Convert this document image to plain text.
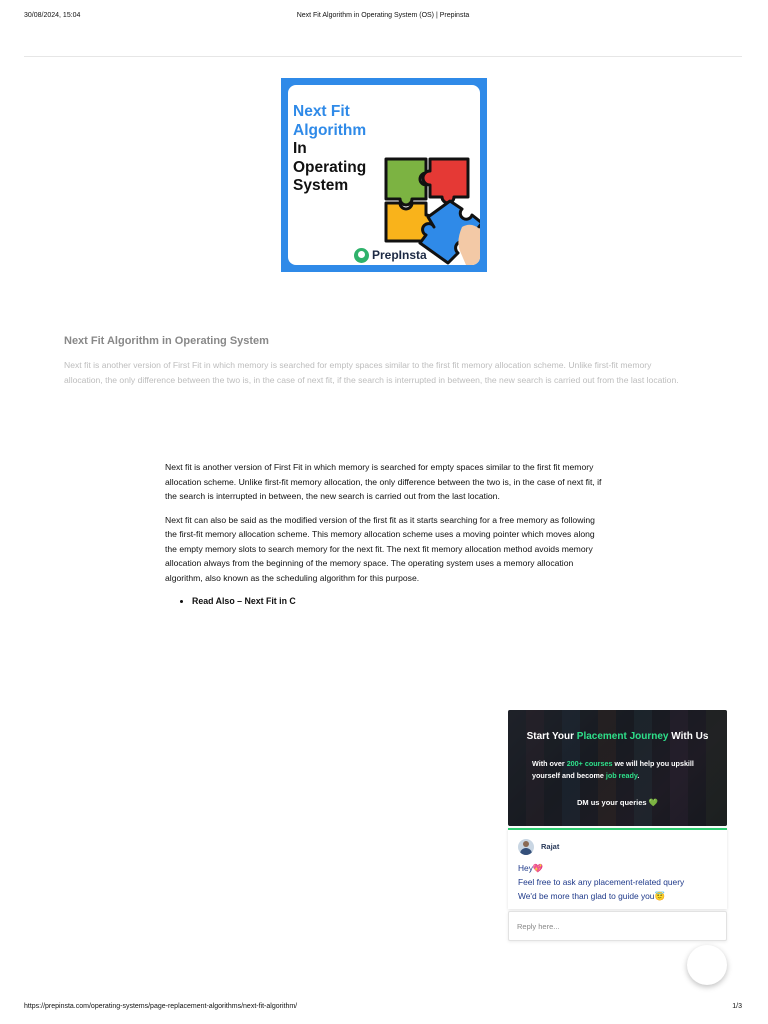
30/08/2024, 15:04	Next Fit Algorithm in Operating System (OS) | Prepinsta
Next Fit
Algorithm
In
Operating
System
PrepInsta
Next Fit Algorithm in Operating System

Next fit is another version of First Fit in which memory is searched for empty spaces similar to the first fit memory allocation scheme. Unlike first-fit memory allocation, the only difference between the two is, in the case of next fit, if the search is interrupted in between, the new search is carried out from the last location.

Next fit is another version of First Fit in which memory is searched for empty spaces similar to the first fit memory allocation scheme. Unlike first-fit memory allocation, the only difference between the two is, in the case of next fit, if the search is interrupted in between, the new search is carried out from the last location.

Next fit can also be said as the modified version of the first fit as it starts searching for a free memory as following the first-fit memory allocation scheme. This memory allocation scheme uses a moving pointer which moves along the empty memory slots to search memory for the next fit. The next fit memory allocation method avoids memory allocation always from the beginning of the memory space. The operating system uses a memory allocation algorithm, also known as the scheduling algorithm for this purpose.

• Read Also – Next Fit in C
Start Your Placement Journey With Us
With over 200+ courses we will help you upskill yourself and become job ready.
DM us your queries 💚
Rajat
Hey💖
Feel free to ask any placement-related query
We'd be more than glad to guide you😇
Reply here...
https://prepinsta.com/operating-systems/page-replacement-algorithms/next-fit-algorithm/	1/3
